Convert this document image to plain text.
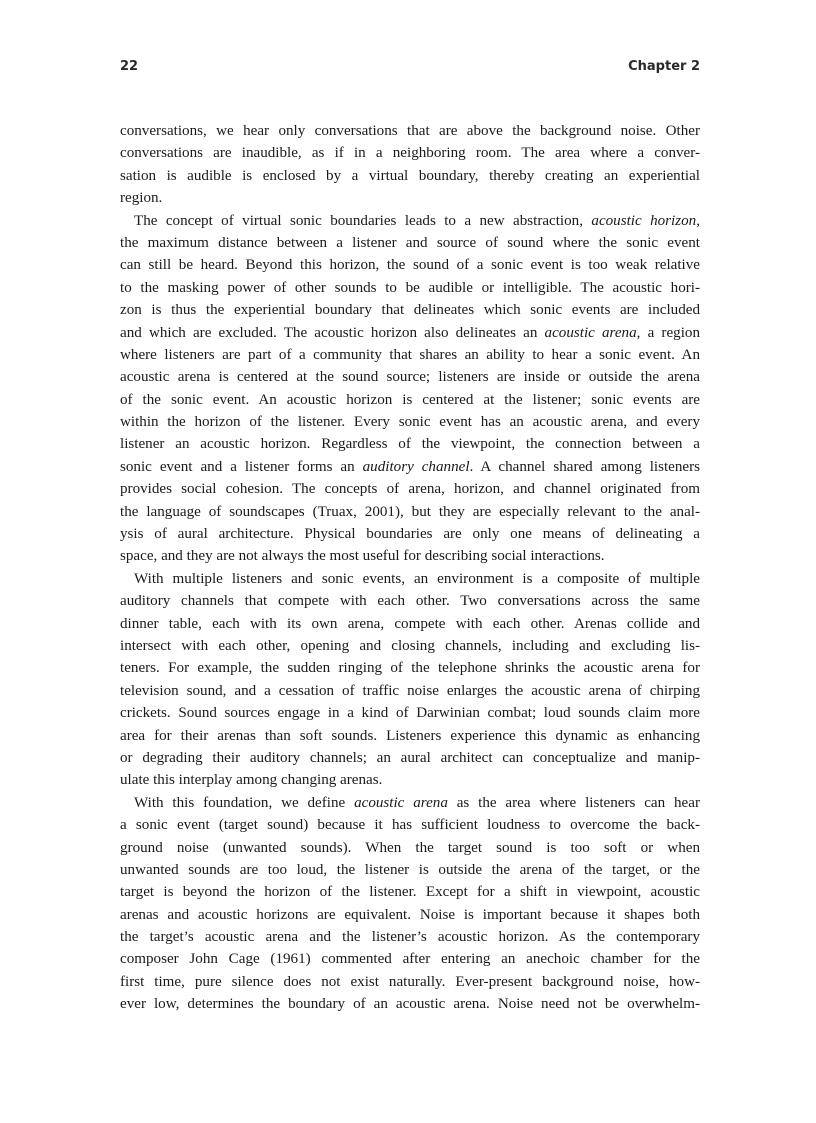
22	Chapter 2
conversations, we hear only conversations that are above the background noise. Other
conversations are inaudible, as if in a neighboring room. The area where a conver-
sation is audible is enclosed by a virtual boundary, thereby creating an experiential
region.
The concept of virtual sonic boundaries leads to a new abstraction, acoustic horizon,
the maximum distance between a listener and source of sound where the sonic event
can still be heard. Beyond this horizon, the sound of a sonic event is too weak relative
to the masking power of other sounds to be audible or intelligible. The acoustic hori-
zon is thus the experiential boundary that delineates which sonic events are included
and which are excluded. The acoustic horizon also delineates an acoustic arena, a region
where listeners are part of a community that shares an ability to hear a sonic event. An
acoustic arena is centered at the sound source; listeners are inside or outside the arena
of the sonic event. An acoustic horizon is centered at the listener; sonic events are
within the horizon of the listener. Every sonic event has an acoustic arena, and every
listener an acoustic horizon. Regardless of the viewpoint, the connection between a
sonic event and a listener forms an auditory channel. A channel shared among listeners
provides social cohesion. The concepts of arena, horizon, and channel originated from
the language of soundscapes (Truax, 2001), but they are especially relevant to the anal-
ysis of aural architecture. Physical boundaries are only one means of delineating a
space, and they are not always the most useful for describing social interactions.
With multiple listeners and sonic events, an environment is a composite of multiple
auditory channels that compete with each other. Two conversations across the same
dinner table, each with its own arena, compete with each other. Arenas collide and
intersect with each other, opening and closing channels, including and excluding lis-
teners. For example, the sudden ringing of the telephone shrinks the acoustic arena for
television sound, and a cessation of traffic noise enlarges the acoustic arena of chirping
crickets. Sound sources engage in a kind of Darwinian combat; loud sounds claim more
area for their arenas than soft sounds. Listeners experience this dynamic as enhancing
or degrading their auditory channels; an aural architect can conceptualize and manip-
ulate this interplay among changing arenas.
With this foundation, we define acoustic arena as the area where listeners can hear
a sonic event (target sound) because it has sufficient loudness to overcome the back-
ground noise (unwanted sounds). When the target sound is too soft or when
unwanted sounds are too loud, the listener is outside the arena of the target, or the
target is beyond the horizon of the listener. Except for a shift in viewpoint, acoustic
arenas and acoustic horizons are equivalent. Noise is important because it shapes both
the target’s acoustic arena and the listener’s acoustic horizon. As the contemporary
composer John Cage (1961) commented after entering an anechoic chamber for the
first time, pure silence does not exist naturally. Ever-present background noise, how-
ever low, determines the boundary of an acoustic arena. Noise need not be overwhelm-
